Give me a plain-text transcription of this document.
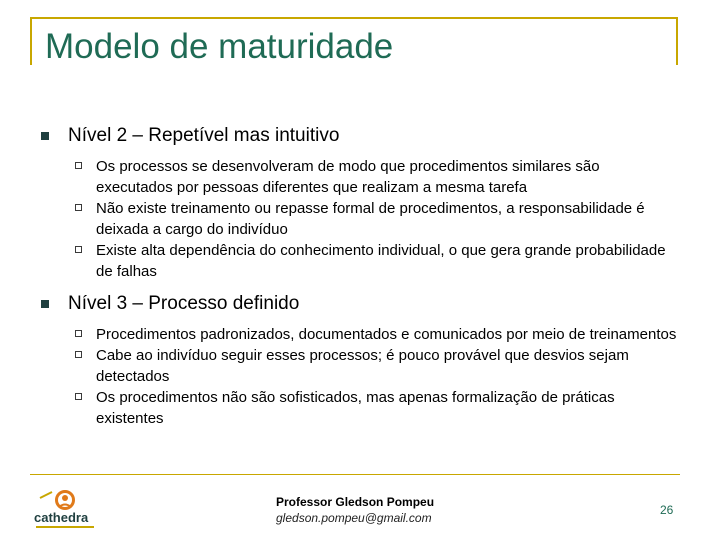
Modelo de maturidade
Nível 2 – Repetível mas intuitivo
Os processos se desenvolveram de modo que procedimentos similares são executados por pessoas diferentes que realizam a mesma tarefa
Não existe treinamento ou repasse formal de procedimentos, a responsabilidade é deixada a cargo do indivíduo
Existe alta dependência do conhecimento individual, o que gera grande probabilidade de falhas
Nível 3 – Processo definido
Procedimentos padronizados, documentados e comunicados por meio de treinamentos
Cabe ao indivíduo seguir esses processos; é pouco provável que desvios sejam detectados
Os procedimentos não são sofisticados, mas apenas formalização de práticas existentes
cathedra
Professor Gledson Pompeu
gledson.pompeu@gmail.com
26
